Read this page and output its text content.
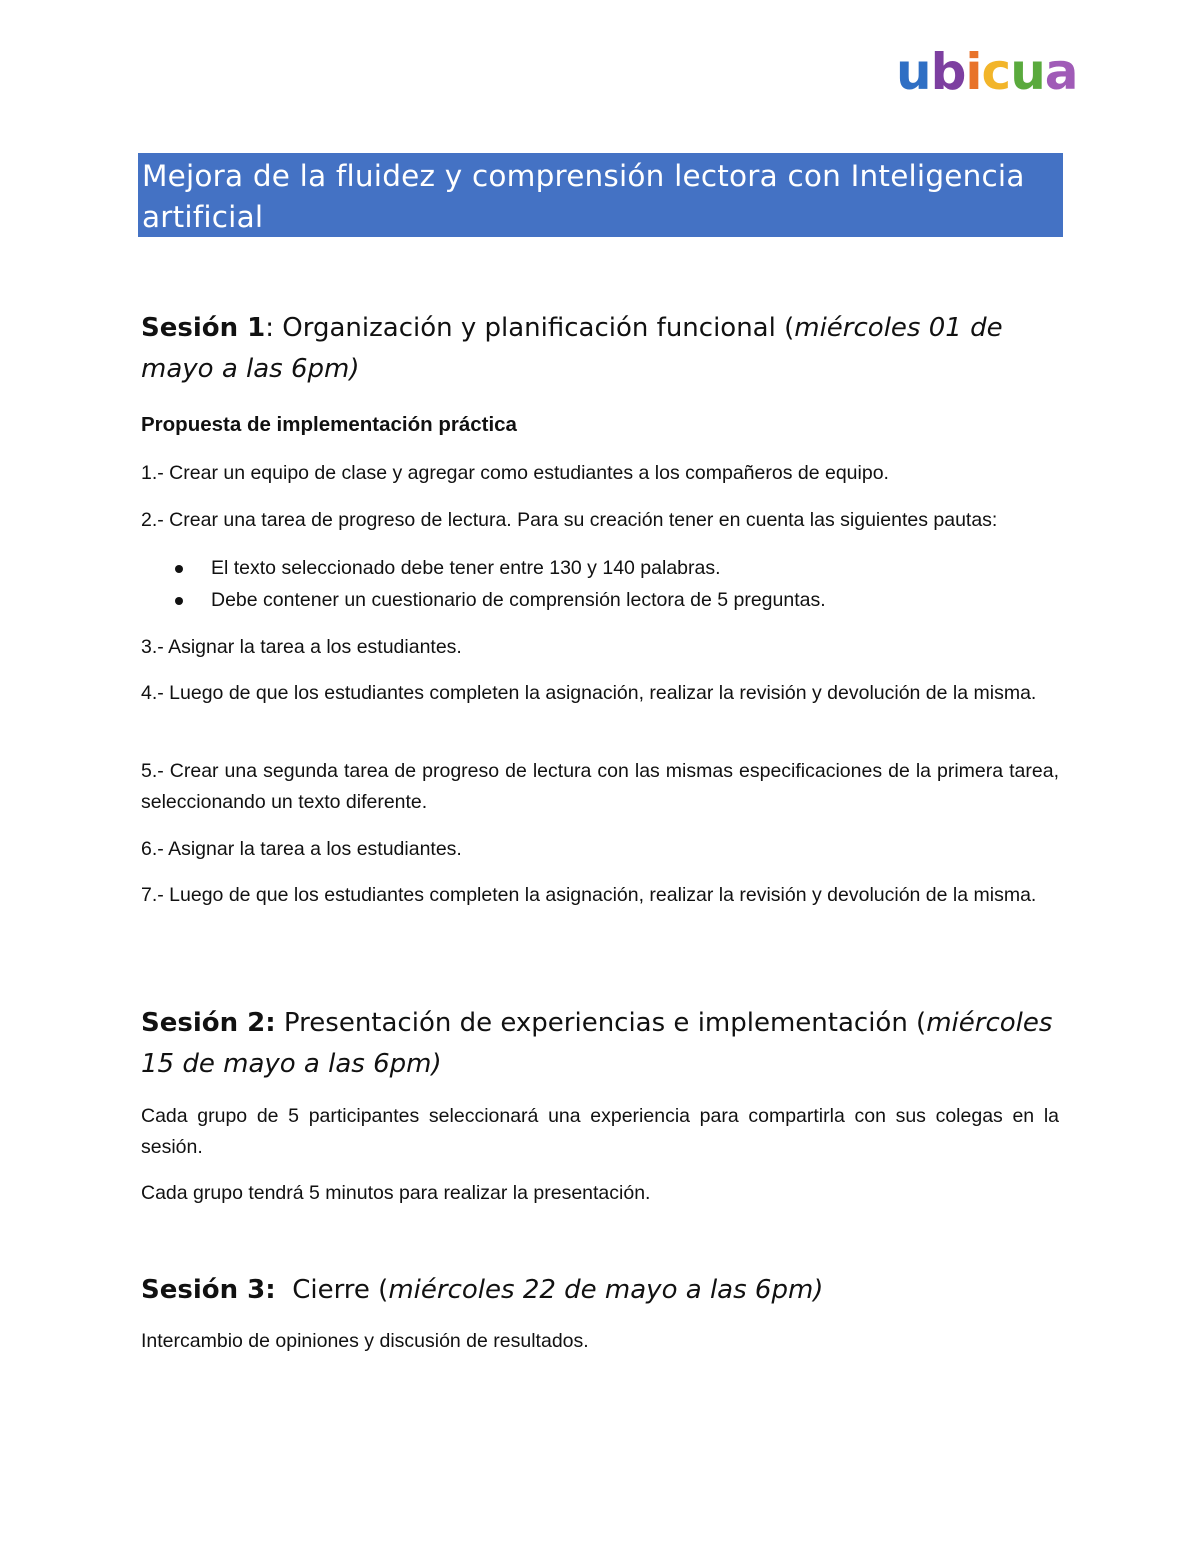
ubicua
Mejora de la fluidez y comprensión lectora con Inteligencia artificial
Sesión 1: Organización y planificación funcional (miércoles 01 de mayo a las 6pm)
Propuesta de implementación práctica
1.- Crear un equipo de clase y agregar como estudiantes a los compañeros de equipo.
2.- Crear una tarea de progreso de lectura. Para su creación tener en cuenta las siguientes pautas:
El texto seleccionado debe tener entre 130 y 140 palabras.
Debe contener un cuestionario de comprensión lectora de 5 preguntas.
3.- Asignar la tarea a los estudiantes.
4.- Luego de que los estudiantes completen la asignación, realizar la revisión y devolución de la misma.
5.- Crear una segunda tarea de progreso de lectura con las mismas especificaciones de la primera tarea, seleccionando un texto diferente.
6.- Asignar la tarea a los estudiantes.
7.- Luego de que los estudiantes completen la asignación, realizar la revisión y devolución de la misma.
Sesión 2: Presentación de experiencias e implementación (miércoles 15 de mayo a las 6pm)
Cada grupo de 5 participantes seleccionará una experiencia para compartirla con sus colegas en la sesión.
Cada grupo tendrá 5 minutos para realizar la presentación.
Sesión 3:  Cierre (miércoles 22 de mayo a las 6pm)
Intercambio de opiniones y discusión de resultados.
